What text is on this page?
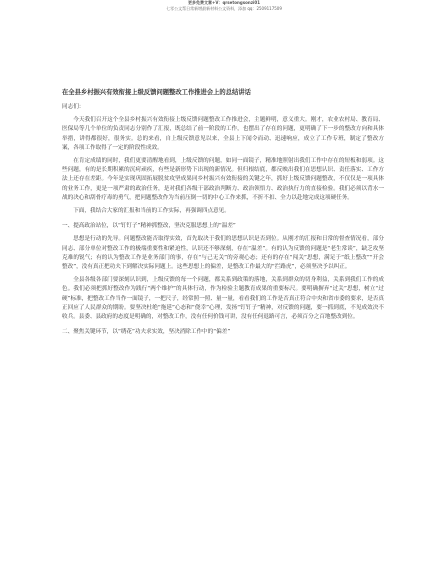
更多免费文章+V：qrsetongsonzi01
七零公文帮日常新增最新材料公文资料，添加 qq：2509117509
在全县乡村振兴有效衔接上级反馈问题整改工作推进会上的总结讲话
同志们：

今天我们召开这个全县乡村振兴有效衔接上级反馈问题整改工作推进会，主题鲜明，意义重大。刚才，农业农村局、教育局、医保局等几个单位的负责同志分别作了汇报，既总结了前一阶段的工作，也摆出了存在的问题，更明确了下一步的整改方向和具体举措，讲得都很好，很务实。总的来看，自上级反馈意见以来，全县上下闻令而动、迅速响应，成立了工作专班，制定了整改方案，各项工作取得了一定的阶段性成效。

在肯定成绩的同时，我们更要清醒地看到，上级反馈的问题，如同一面镜子，精准地照射出我们工作中存在的短板和弱项。这些问题，有的是长期积累的沉疴顽疾，有些是新形势下出现的新情况。但归根结底，都反映出我们在思想认识、责任落实、工作方法上还存在差距。今年是实现巩固拓展脱贫攻坚成果同乡村振兴有效衔接的关键之年，抓好上级反馈问题整改，不仅仅是一项具体的业务工作，更是一项严肃的政治任务，是对我们各级干部政治判断力、政治领悟力、政治执行力的直接检验。我们必须以背水一战的决心和刮骨疗毒的勇气，把问题整改作为当前压倒一切的中心工作来抓，不折不扣、全力以赴地完成这项硬任务。

下面，我结合大家的汇报和当前的工作实际，再强调四点意见。

一、提高政治站位，以“钉钉子”精神抓整改，坚决克服思想上的“温差”

思想是行动的先导。问题整改能否取得实效，首先取决于我们的思想认识是否到位。从刚才的汇报和日常的督查情况看，部分同志、部分单位对整改工作的极端重要性和紧迫性，认识还不够深刻，存在“温差”。有的认为反馈的问题是“老生常谈”，缺乏攻坚克难的锐气；有的认为整改工作是业务部门的事，存在“与己无关”的旁观心态；还有的存在“闯关”思想，满足于“纸上整改”“开会整改”，没有真正把功夫下到解决实际问题上。这些思想上的偏差，是整改工作最大的“拦路虎”，必须坚决予以纠正。

全县各级各部门要深刻认识到，上级反馈的每一个问题，都关系到政策的落地，关系到群众的切身利益，关系到我们工作的成色。我们必须把抓好整改作为践行“两个维护”的具体行动，作为检验主题教育成果的重要标尺。要明确摒弃“过关”思想，树立“过硬”标准，把整改工作当作一面镜子，一把尺子，经常照一照、量一量，看看我们的工作是否真正符合中央和省市委的要求，是否真正回应了人民群众的期盼。要坚决杜绝“拖延”心态和“侥幸”心理，发扬“钉钉子”精神，对反馈的问题，要一抓到底，不见成效决不收兵。县委、县政府的态度是明确的，对整改工作，没有任何价钱可讲，没有任何退路可言，必须百分之百地整改到位。

二、聚焦关键环节，以“绣花”功夫求实效，坚决消除工作中的“偏差”
